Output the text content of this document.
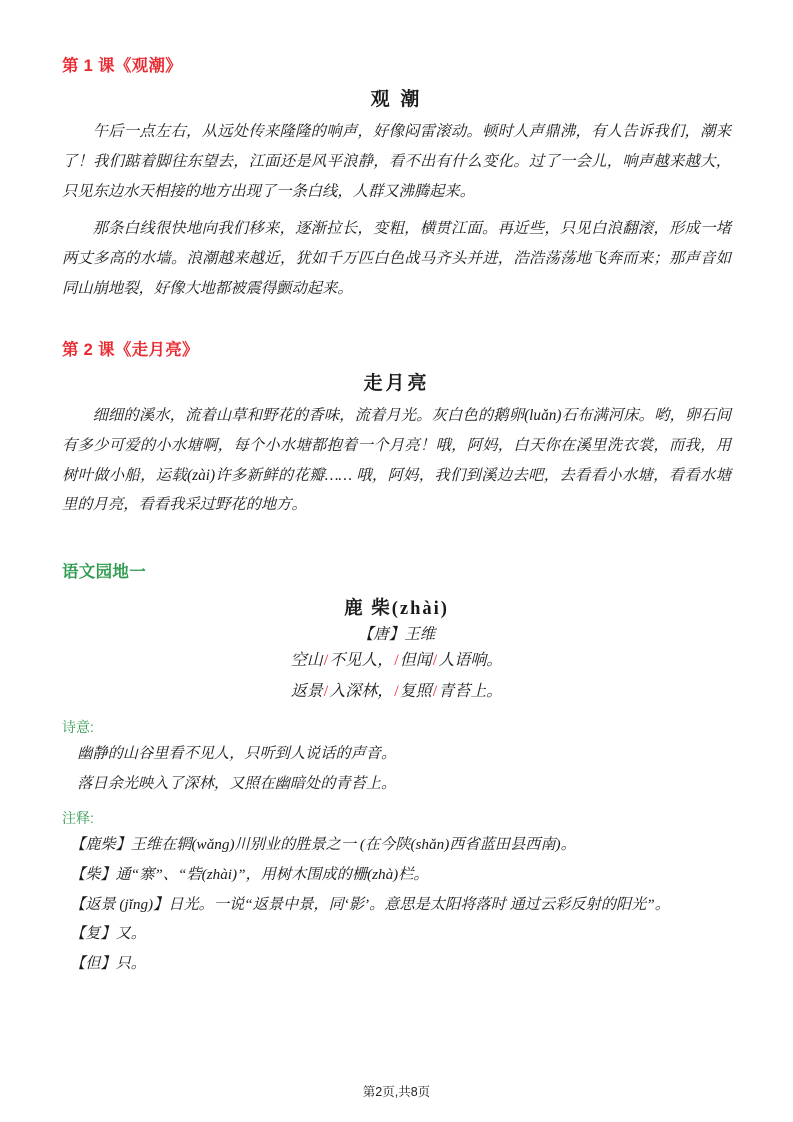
第 1 课《观潮》
观 潮

午后一点左右，从远处传来隆隆的响声，好像闷雷滚动。顿时人声鼎沸，有人告诉我们，潮来了！我们踮着脚往东望去，江面还是风平浪静，看不出有什么变化。过了一会儿，响声越来越大，只见东边水天相接的地方出现了一条白线，人群又沸腾起来。

那条白线很快地向我们移来，逐渐拉长，变粗，横贯江面。再近些，只见白浪翻滚，形成一堵两丈多高的水墙。浪潮越来越近，犹如千万匹白色战马齐头并进，浩浩荡荡地飞奔而来；那声音如同山崩地裂，好像大地都被震得颤动起来。

第 2 课《走月亮》
走月亮

细细的溪水，流着山草和野花的香味，流着月光。灰白色的鹅卵(luǎn)石布满河床。哟，卵石间有多少可爱的小水塘啊，每个小水塘都抱着一个月亮！哦，阿妈，白天你在溪里洗衣裳，而我，用树叶做小船，运载(zài)许多新鲜的花瓣…… 哦，阿妈，我们到溪边去吧，去看看小水塘，看看水塘里的月亮，看看我采过野花的地方。

语文园地一
鹿 柴(zhài)
【唐】王维
空山/不见人，/但闻/人语响。
返景/入深林，/复照/青苔上。
诗意:

幽静的山谷里看不见人，只听到人说话的声音。

落日余光映入了深林，又照在幽暗处的青苔上。

注释:

【鹿柴】王维在辋(wǎng)川别业的胜景之一 (在今陕(shǎn)西省蓝田县西南)。

【柴】通“寨”、“砦(zhài)”，用树木围成的栅(zhà)栏。

【返景 (jǐng)】日光。一说“返景中景，同‘影’。意思是太阳将落时 通过云彩反射的阳光”。

【复】又。

【但】只。

第2页,共8页
